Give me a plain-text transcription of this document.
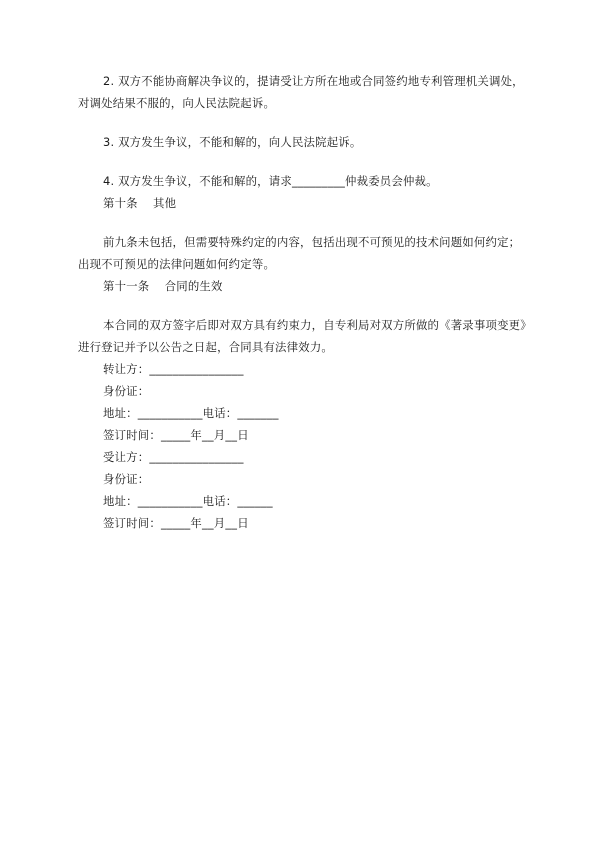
2. 双方不能协商解决争议的，提请受让方所在地或合同签约地专利管理机关调处，对调处结果不服的，向人民法院起诉。

3. 双方发生争议，不能和解的，向人民法院起诉。

4. 双方发生争议，不能和解的，请求_________仲裁委员会仲裁。

第十条    其他

前九条未包括，但需要特殊约定的内容，包括出现不可预见的技术问题如何约定；出现不可预见的法律问题如何约定等。

第十一条    合同的生效

本合同的双方签字后即对双方具有约束力，自专利局对双方所做的《著录事项变更》进行登记并予以公告之日起，合同具有法律效力。

转让方：________________

身份证：

地址：___________电话：_______

签订时间：_____年__月__日

受让方：________________

身份证：

地址：___________电话：______

签订时间：_____年__月__日
